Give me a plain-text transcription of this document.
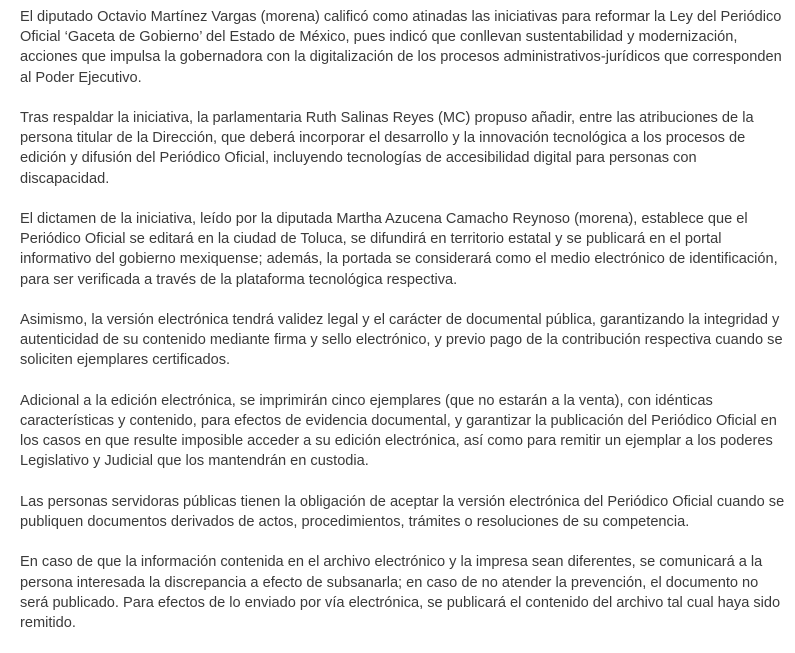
El diputado Octavio Martínez Vargas (morena) calificó como atinadas las iniciativas para reformar la Ley del Periódico Oficial ‘Gaceta de Gobierno’ del Estado de México, pues indicó que conllevan sustentabilidad y modernización, acciones que impulsa la gobernadora con la digitalización de los procesos administrativos-jurídicos que corresponden al Poder Ejecutivo.

Tras respaldar la iniciativa, la parlamentaria Ruth Salinas Reyes (MC) propuso añadir, entre las atribuciones de la persona titular de la Dirección, que deberá incorporar el desarrollo y la innovación tecnológica a los procesos de edición y difusión del Periódico Oficial, incluyendo tecnologías de accesibilidad digital para personas con discapacidad.

El dictamen de la iniciativa, leído por la diputada Martha Azucena Camacho Reynoso (morena), establece que el Periódico Oficial se editará en la ciudad de Toluca, se difundirá en territorio estatal y se publicará en el portal informativo del gobierno mexiquense; además, la portada se considerará como el medio electrónico de identificación, para ser verificada a través de la plataforma tecnológica respectiva.

Asimismo, la versión electrónica tendrá validez legal y el carácter de documental pública, garantizando la integridad y autenticidad de su contenido mediante firma y sello electrónico, y previo pago de la contribución respectiva cuando se soliciten ejemplares certificados.

Adicional a la edición electrónica, se imprimirán cinco ejemplares (que no estarán a la venta), con idénticas características y contenido, para efectos de evidencia documental, y garantizar la publicación del Periódico Oficial en los casos en que resulte imposible acceder a su edición electrónica, así como para remitir un ejemplar a los poderes Legislativo y Judicial que los mantendrán en custodia.

Las personas servidoras públicas tienen la obligación de aceptar la versión electrónica del Periódico Oficial cuando se publiquen documentos derivados de actos, procedimientos, trámites o resoluciones de su competencia.

En caso de que la información contenida en el archivo electrónico y la impresa sean diferentes, se comunicará a la persona interesada la discrepancia a efecto de subsanarla; en caso de no atender la prevención, el documento no será publicado. Para efectos de lo enviado por vía electrónica, se publicará el contenido del archivo tal cual haya sido remitido.
